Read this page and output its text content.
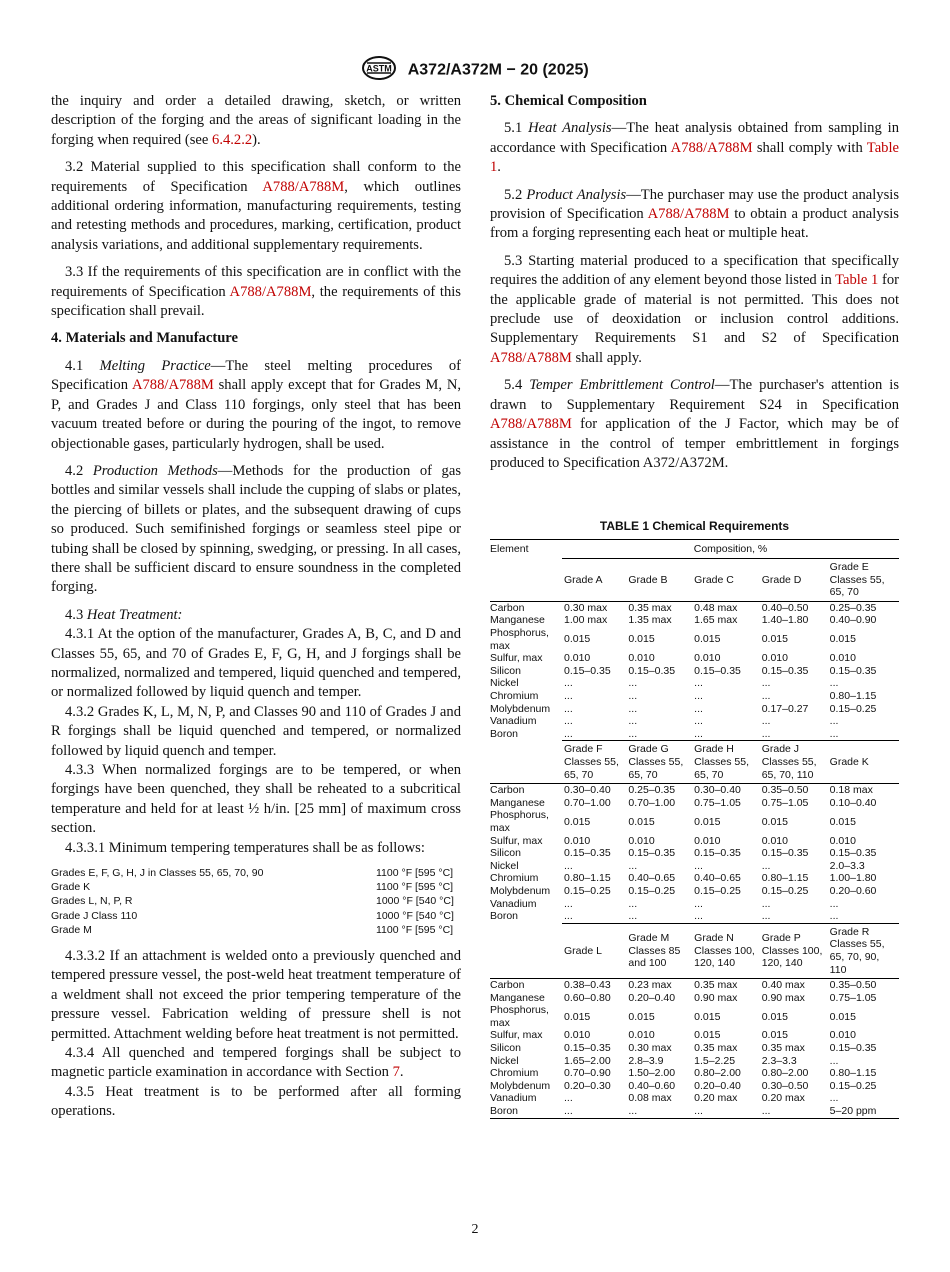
ASTM A372/A372M − 20 (2025)

the inquiry and order a detailed drawing, sketch, or written description of the forging and the areas of significant loading in the forging when required (see 6.4.2.2).

3.2 Material supplied to this specification shall conform to the requirements of Specification A788/A788M, which outlines additional ordering information, manufacturing requirements, testing and retesting methods and procedures, marking, certification, product analysis variations, and additional supplementary requirements.

3.3 If the requirements of this specification are in conflict with the requirements of Specification A788/A788M, the requirements of this specification shall prevail.

4. Materials and Manufacture

4.1 Melting Practice—The steel melting procedures of Specification A788/A788M shall apply except that for Grades M, N, P, and Grades J and Class 110 forgings, only steel that has been vacuum treated before or during the pouring of the ingot, to remove objectionable gases, particularly hydrogen, shall be used.

4.2 Production Methods—Methods for the production of gas bottles and similar vessels shall include the cupping of slabs or plates, the piercing of billets or plates, and the subsequent drawing of cups so produced. Such semifinished forgings or seamless steel pipe or tubing shall be closed by spinning, swedging, or pressing. In all cases, there shall be sufficient discard to ensure soundness in the completed forging.

4.3 Heat Treatment:

4.3.1 At the option of the manufacturer, Grades A, B, C, and D and Classes 55, 65, and 70 of Grades E, F, G, H, and J forgings shall be normalized, normalized and tempered, liquid quenched and tempered, or normalized followed by liquid quench and temper.

4.3.2 Grades K, L, M, N, P, and Classes 90 and 110 of Grades J and R forgings shall be liquid quenched and tempered, or normalized followed by liquid quench and temper.

4.3.3 When normalized forgings are to be tempered, or when forgings have been quenched, they shall be reheated to a subcritical temperature and held for at least ½ h/in. [25 mm] of maximum cross section.

4.3.3.1 Minimum tempering temperatures shall be as follows:

Grades E, F, G, H, J in Classes 55, 65, 70, 90	1100 °F [595 °C]
Grade K	1100 °F [595 °C]
Grades L, N, P, R	1000 °F [540 °C]
Grade J Class 110	1000 °F [540 °C]
Grade M	1100 °F [595 °C]

4.3.3.2 If an attachment is welded onto a previously quenched and tempered pressure vessel, the post-weld heat treatment temperature of a weldment shall not exceed the prior tempering temperature of the pressure vessel. Fabrication welding of pressure shell is not permitted. Attachment welding before heat treatment is not permitted.

4.3.4 All quenched and tempered forgings shall be subject to magnetic particle examination in accordance with Section 7.

4.3.5 Heat treatment is to be performed after all forming operations.

5. Chemical Composition

5.1 Heat Analysis—The heat analysis obtained from sampling in accordance with Specification A788/A788M shall comply with Table 1.

5.2 Product Analysis—The purchaser may use the product analysis provision of Specification A788/A788M to obtain a product analysis from a forging representing each heat or multiple heat.

5.3 Starting material produced to a specification that specifically requires the addition of any element beyond those listed in Table 1 for the applicable grade of material is not permitted. This does not preclude use of deoxidation or inclusion control additions. Supplementary Requirements S1 and S2 of Specification A788/A788M shall apply.

5.4 Temper Embrittlement Control—The purchaser's attention is drawn to Supplementary Requirement S24 in Specification A788/A788M for application of the J Factor, which may be of assistance in the control of temper embrittlement in forgings produced to Specification A372/A372M.

TABLE 1 Chemical Requirements
Element	Composition, %				
	Grade A	Grade B	Grade C	Grade D	Grade E Classes 55, 65, 70
Carbon	0.30 max	0.35 max	0.48 max	0.40–0.50	0.25–0.35
Manganese	1.00 max	1.35 max	1.65 max	1.40–1.80	0.40–0.90
Phosphorus, max	0.015	0.015	0.015	0.015	0.015
Sulfur, max	0.010	0.010	0.010	0.010	0.010
Silicon	0.15–0.35	0.15–0.35	0.15–0.35	0.15–0.35	0.15–0.35
Nickel	...	...	...	...	...
Chromium	...	...	...	...	0.80–1.15
Molybdenum	...	...	...	0.17–0.27	0.15–0.25
Vanadium	...	...	...	...	...
Boron	...	...	...	...	...
	Grade F Classes 55, 65, 70	Grade G Classes 55, 65, 70	Grade H Classes 55, 65, 70	Grade J Classes 55, 65, 70, 110	Grade K
Carbon	0.30–0.40	0.25–0.35	0.30–0.40	0.35–0.50	0.18 max
Manganese	0.70–1.00	0.70–1.00	0.75–1.05	0.75–1.05	0.10–0.40
Phosphorus, max	0.015	0.015	0.015	0.015	0.015
Sulfur, max	0.010	0.010	0.010	0.010	0.010
Silicon	0.15–0.35	0.15–0.35	0.15–0.35	0.15–0.35	0.15–0.35
Nickel	...	...	...	...	2.0–3.3
Chromium	0.80–1.15	0.40–0.65	0.40–0.65	0.80–1.15	1.00–1.80
Molybdenum	0.15–0.25	0.15–0.25	0.15–0.25	0.15–0.25	0.20–0.60
Vanadium	...	...	...	...	...
Boron	...	...	...	...	...
	Grade L	Grade M Classes 85 and 100	Grade N Classes 100, 120, 140	Grade P Classes 100, 120, 140	Grade R Classes 55, 65, 70, 90, 110
Carbon	0.38–0.43	0.23 max	0.35 max	0.40 max	0.35–0.50
Manganese	0.60–0.80	0.20–0.40	0.90 max	0.90 max	0.75–1.05
Phosphorus, max	0.015	0.015	0.015	0.015	0.015
Sulfur, max	0.010	0.010	0.015	0.015	0.010
Silicon	0.15–0.35	0.30 max	0.35 max	0.35 max	0.15–0.35
Nickel	1.65–2.00	2.8–3.9	1.5–2.25	2.3–3.3	...
Chromium	0.70–0.90	1.50–2.00	0.80–2.00	0.80–2.00	0.80–1.15
Molybdenum	0.20–0.30	0.40–0.60	0.20–0.40	0.30–0.50	0.15–0.25
Vanadium	...	0.08 max	0.20 max	0.20 max	...
Boron	...	...	...	...	5–20 ppm
2
